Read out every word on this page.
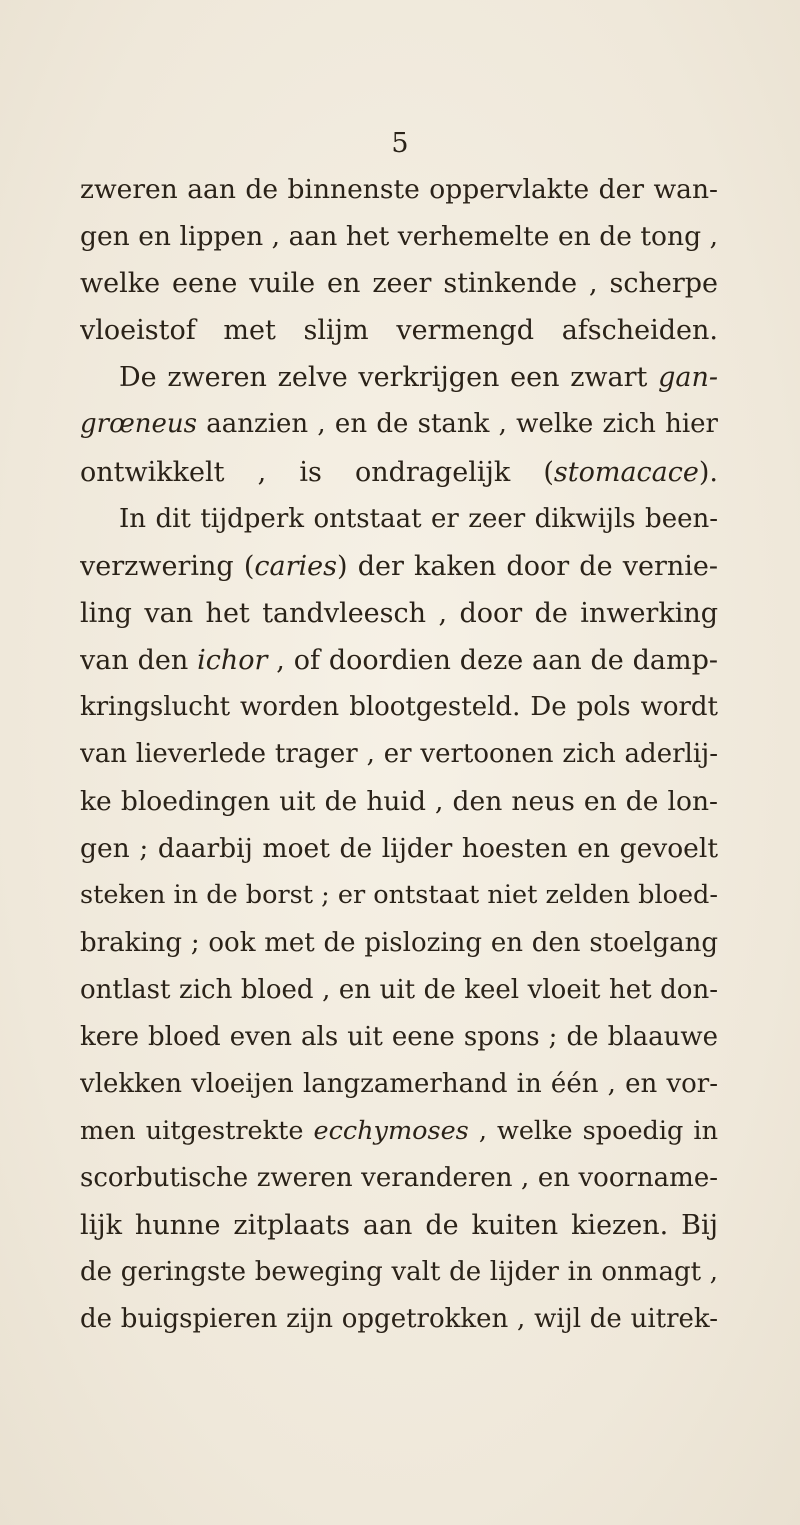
5
zweren aan de binnenste oppervlakte der wan-
gen en lippen , aan het verhemelte en de tong ,
welke eene vuile en zeer stinkende , scherpe
vloeistof met slijm vermengd afscheiden.
De zweren zelve verkrijgen een zwart gan-
grœneus aanzien , en de stank , welke zich hier
ontwikkelt , is ondragelijk (stomacace).
In dit tijdperk ontstaat er zeer dikwijls been-
verzwering (caries) der kaken door de vernie-
ling van het tandvleesch , door de inwerking
van den ichor , of doordien deze aan de damp-
kringslucht worden blootgesteld. De pols wordt
van lieverlede trager , er vertoonen zich aderlij-
ke bloedingen uit de huid , den neus en de lon-
gen ; daarbij moet de lijder hoesten en gevoelt
steken in de borst ; er ontstaat niet zelden bloed-
braking ; ook met de pislozing en den stoelgang
ontlast zich bloed , en uit de keel vloeit het don-
kere bloed even als uit eene spons ; de blaauwe
vlekken vloeijen langzamerhand in één , en vor-
men uitgestrekte ecchymoses , welke spoedig in
scorbutische zweren veranderen , en voorname-
lijk hunne zitplaats aan de kuiten kiezen. Bij
de geringste beweging valt de lijder in onmagt ,
de buigspieren zijn opgetrokken , wijl de uitrek-
